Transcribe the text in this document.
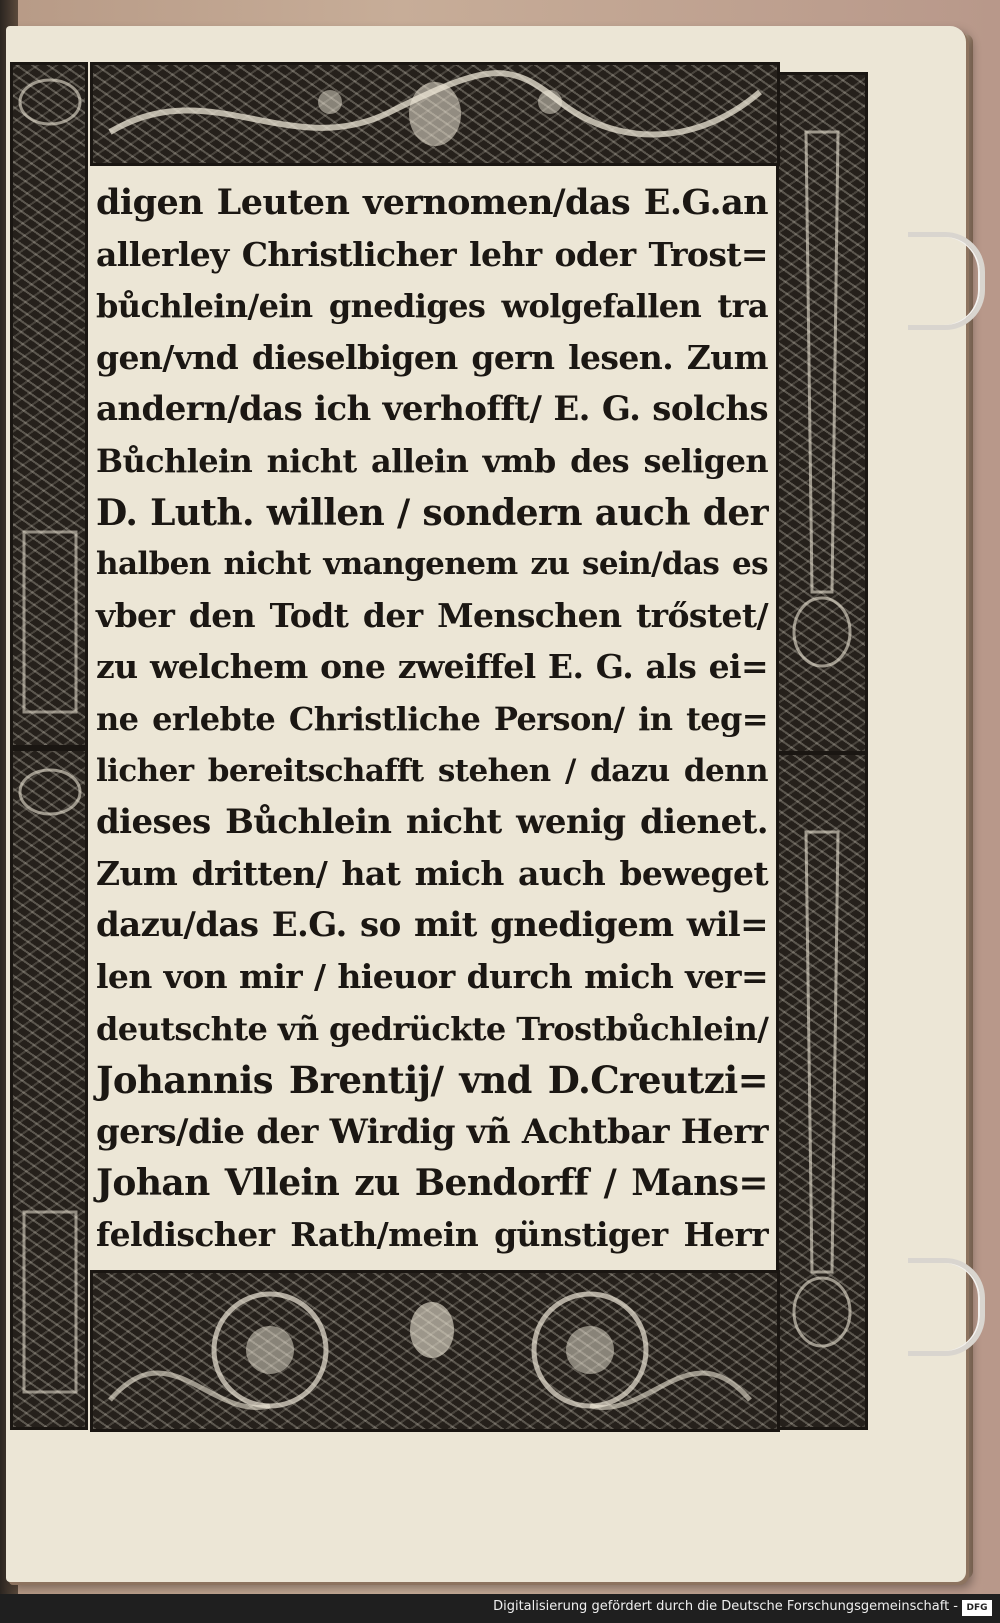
digen Leuten vernomen/das E.G.an
allerley Christlicher lehr oder Trost=
bůchlein/ein gnediges wolgefallen tra
gen/vnd dieselbigen gern lesen. Zum
andern/das ich verhofft/ E. G. solchs
Bůchlein nicht allein vmb des seligen
D. Luth. willen / sondern auch der
halben nicht vnangenem zu sein/das es
vber den Todt der Menschen trőstet/
zu welchem one zweiffel E. G. als ei=
ne erlebte Christliche Person/ in teg=
licher bereitschafft stehen / dazu denn
dieses Bůchlein nicht wenig dienet.
Zum dritten/ hat mich auch beweget
dazu/das E.G. so mit gnedigem wil=
len von mir / hieuor durch mich ver=
deutschte vñ gedrückte Trostbůchlein/
Johannis Brentij/ vnd D.Creutzi=
gers/die der Wirdig vñ Achtbar Herr
Johan Vllein zu Bendorff / Mans=
feldischer Rath/mein günstiger Herr
Digitalisierung gefördert durch die Deutsche Forschungsgemeinschaft - DFG
